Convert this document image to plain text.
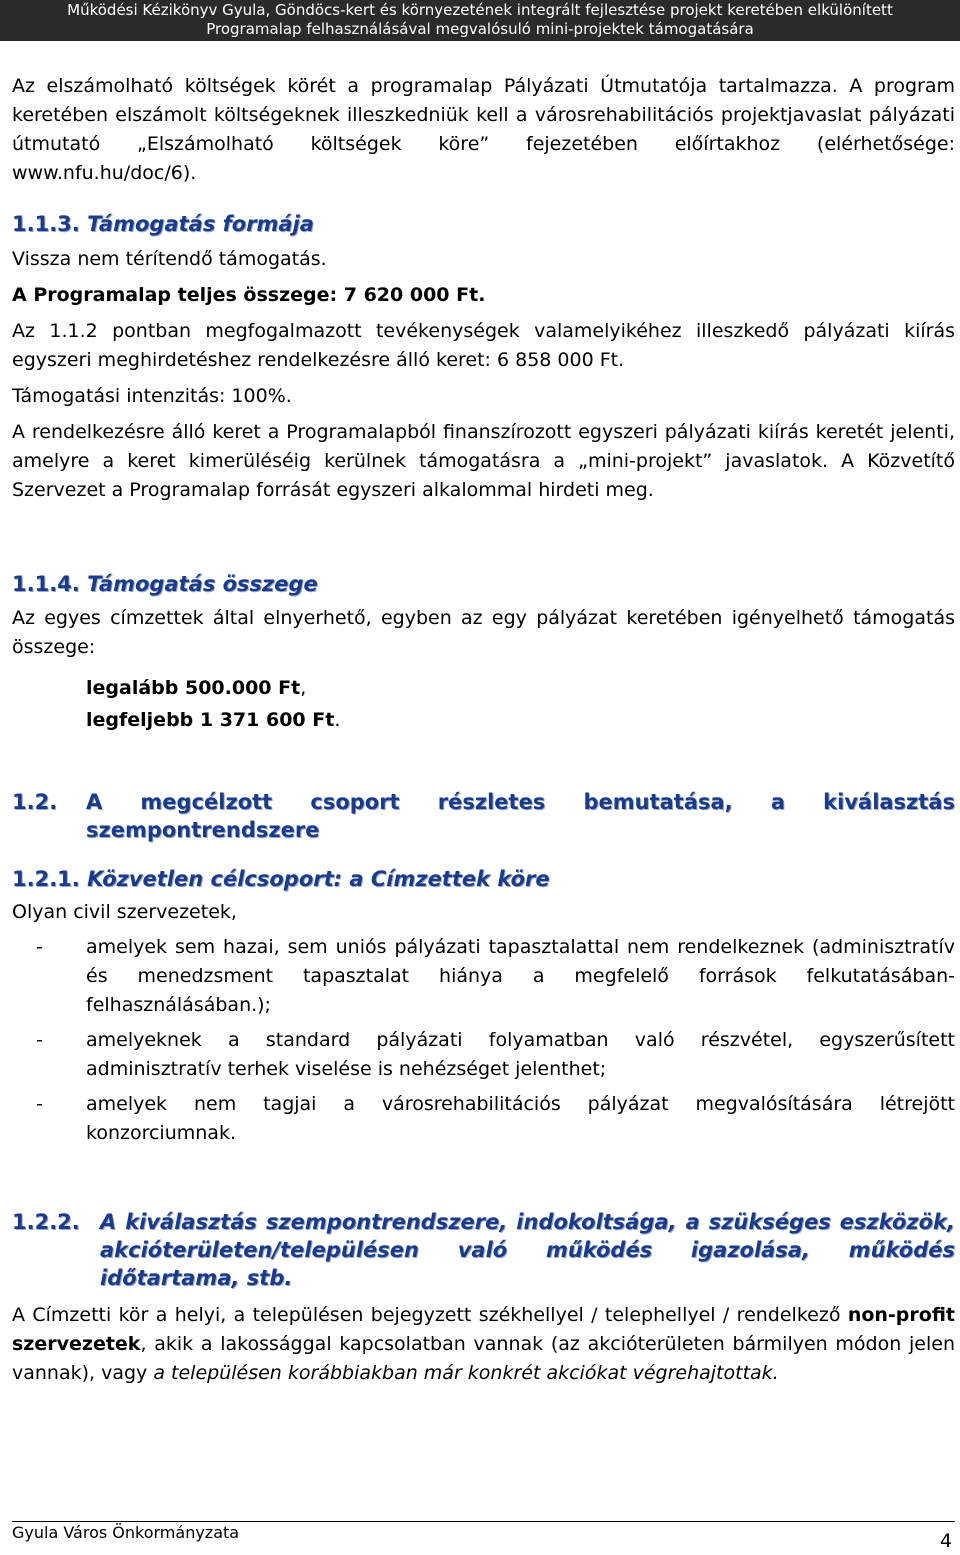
Működési Kézikönyv Gyula, Göndöcs-kert és környezetének integrált fejlesztése projekt keretében elkülönített
Programalap felhasználásával megvalósuló mini-projektek támogatására

Az elszámolható költségek körét a programalap Pályázati Útmutatója tartalmazza. A program keretében elszámolt költségeknek illeszkedniük kell a városrehabilitációs projektjavaslat pályázati útmutató „Elszámolható költségek köre” fejezetében előírtakhoz (elérhetősége: www.nfu.hu/doc/6).

1.1.3. Támogatás formája

Vissza nem térítendő támogatás.

A Programalap teljes összege: 7 620 000 Ft.

Az 1.1.2 pontban megfogalmazott tevékenységek valamelyikéhez illeszkedő pályázati kiírás egyszeri meghirdetéshez rendelkezésre álló keret: 6 858 000 Ft.

Támogatási intenzitás: 100%.

A rendelkezésre álló keret a Programalapból finanszírozott egyszeri pályázati kiírás keretét jelenti, amelyre a keret kimerüléséig kerülnek támogatásra a „mini-projekt” javaslatok. A Közvetítő Szervezet a Programalap forrását egyszeri alkalommal hirdeti meg.

1.1.4. Támogatás összege

Az egyes címzettek által elnyerhető, egyben az egy pályázat keretében igényelhető támogatás összege:

legalább 500.000 Ft,
legfeljebb 1 371 600 Ft.
1.2.	A megcélzott csoport részletes bemutatása, a kiválasztás szempontrendszere
1.2.1. Közvetlen célcsoport: a Címzettek köre

Olyan civil szervezetek,

-	amelyek sem hazai, sem uniós pályázati tapasztalattal nem rendelkeznek (adminisztratív és menedzsment tapasztalat hiánya a megfelelő források felkutatásában-felhasználásában.);
-	amelyeknek a standard pályázati folyamatban való részvétel, egyszerűsített adminisztratív terhek viselése is nehézséget jelenthet;
-	amelyek nem tagjai a városrehabilitációs pályázat megvalósítására létrejött konzorciumnak.
1.2.2. A kiválasztás szempontrendszere, indokoltsága, a szükséges eszközök, akcióterületen/településen való működés igazolása, működés időtartama, stb.

A Címzetti kör a helyi, a településen bejegyzett székhellyel / telephellyel / rendelkező non-profit szervezetek, akik a lakossággal kapcsolatban vannak (az akcióterületen bármilyen módon jelen vannak), vagy a településen korábbiakban már konkrét akciókat végrehajtottak.

Gyula Város Önkormányzata	4
